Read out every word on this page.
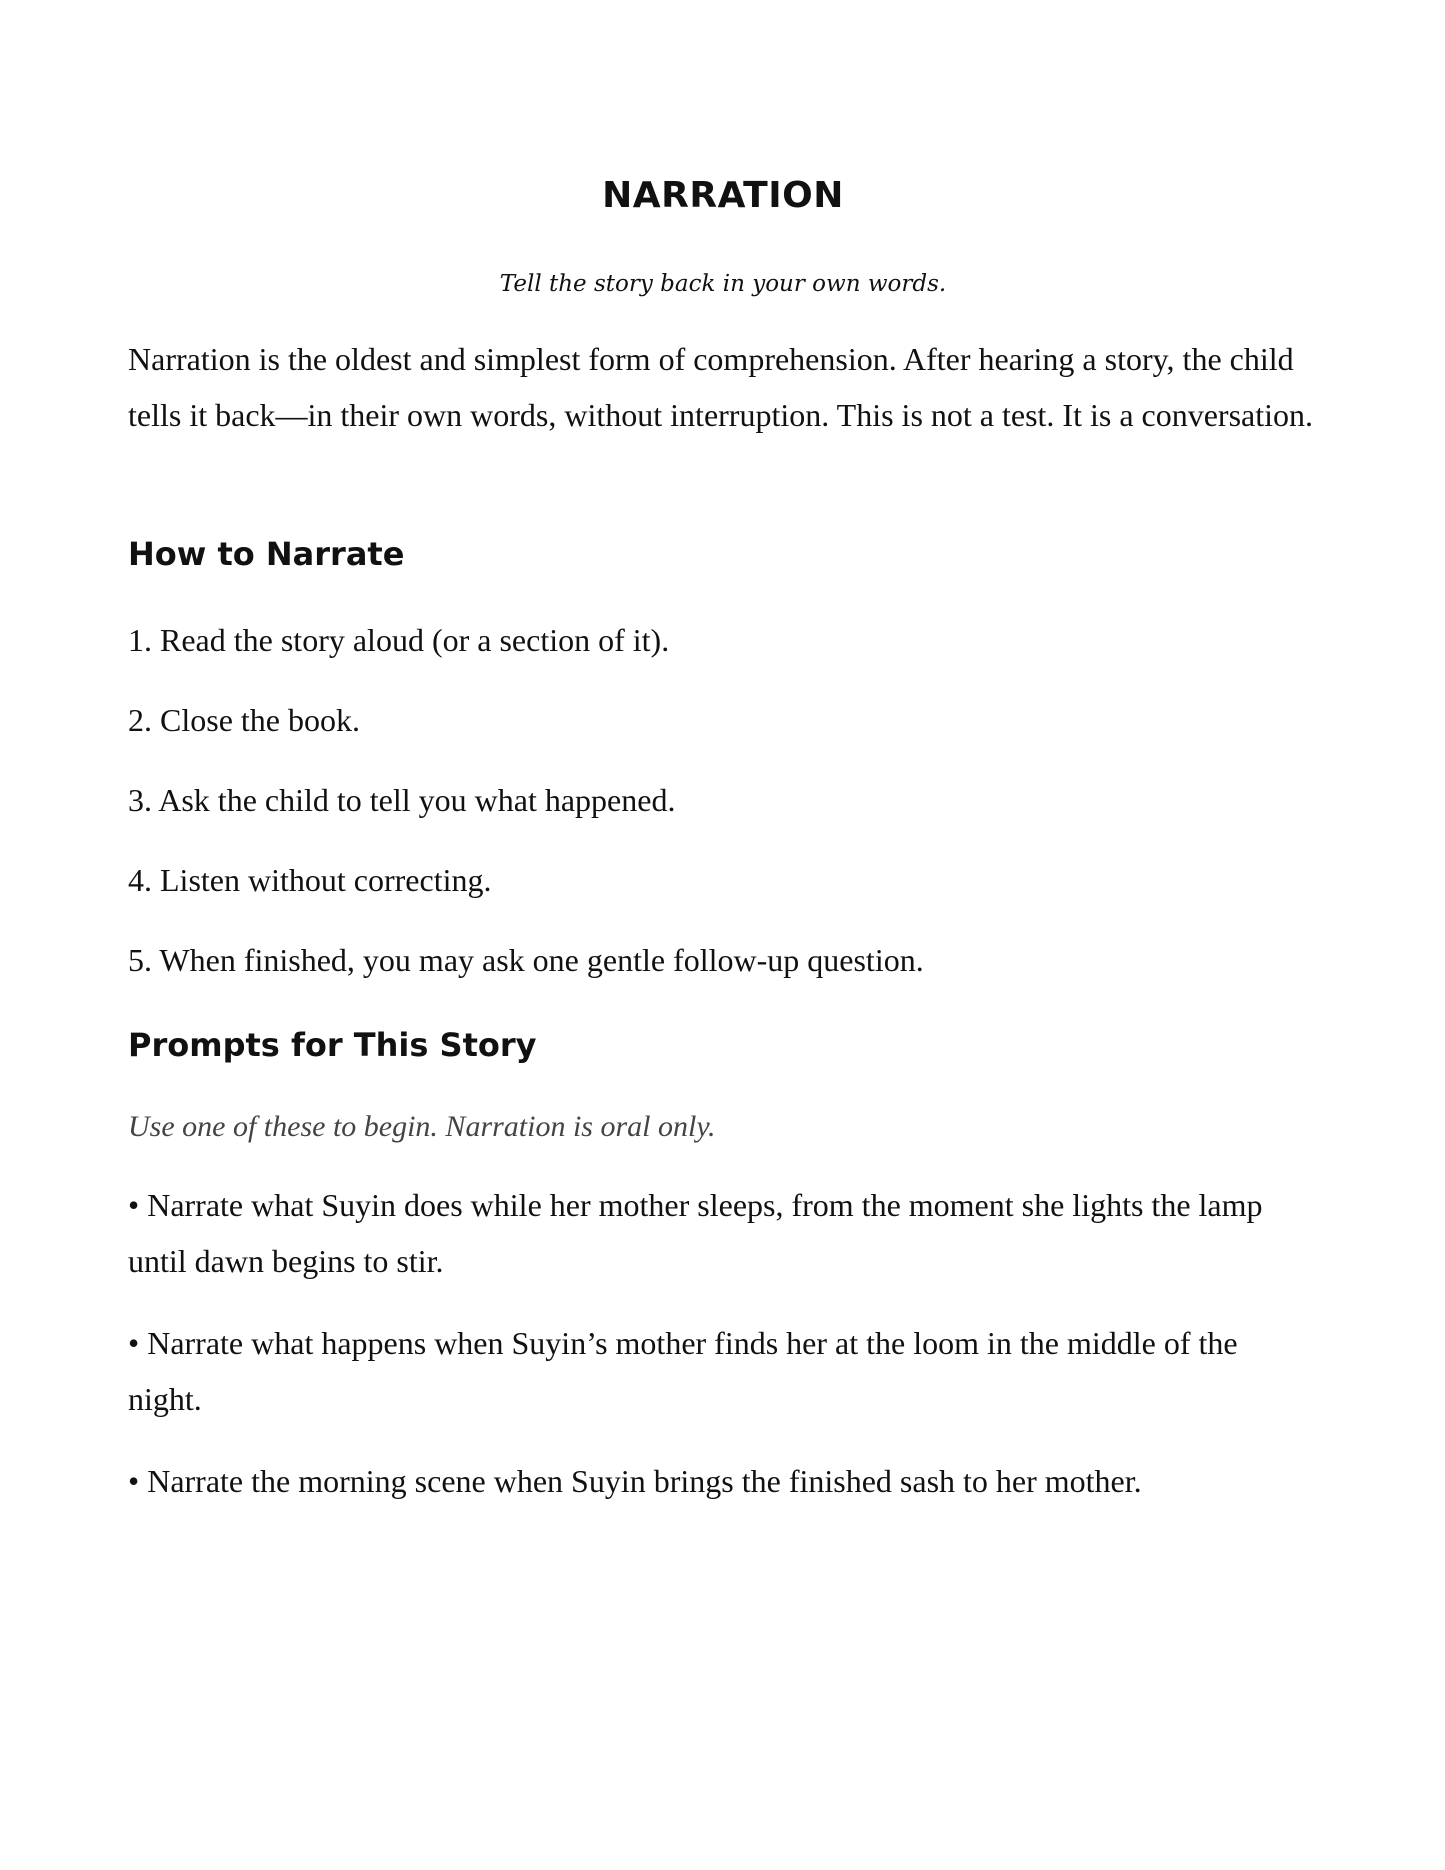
NARRATION

Tell the story back in your own words.

Narration is the oldest and simplest form of comprehension. After hearing a story, the child tells it back—in their own words, without interruption. This is not a test. It is a conversation.

How to Narrate

1. Read the story aloud (or a section of it).

2. Close the book.

3. Ask the child to tell you what happened.

4. Listen without correcting.

5. When finished, you may ask one gentle follow-up question.

Prompts for This Story

Use one of these to begin. Narration is oral only.

• Narrate what Suyin does while her mother sleeps, from the moment she lights the lamp until dawn begins to stir.

• Narrate what happens when Suyin’s mother finds her at the loom in the middle of the night.

• Narrate the morning scene when Suyin brings the finished sash to her mother.
